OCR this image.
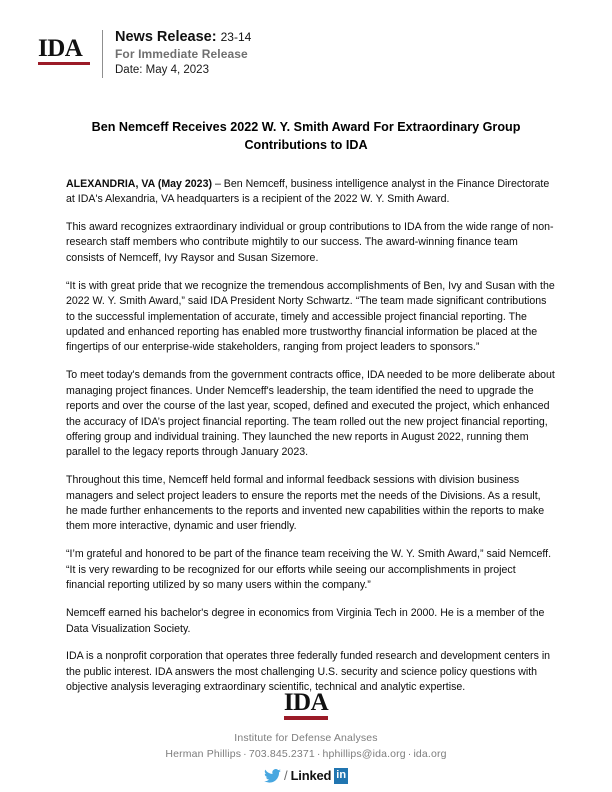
IDA	News Release: 23-14
For Immediate Release
Date: May 4, 2023
Ben Nemceff Receives 2022 W. Y. Smith Award For Extraordinary Group Contributions to IDA

ALEXANDRIA, VA (May 2023) – Ben Nemceff, business intelligence analyst in the Finance Directorate at IDA's Alexandria, VA headquarters is a recipient of the 2022 W. Y. Smith Award.

This award recognizes extraordinary individual or group contributions to IDA from the wide range of non-research staff members who contribute mightily to our success. The award-winning finance team consists of Nemceff, Ivy Raysor and Susan Sizemore.

“It is with great pride that we recognize the tremendous accomplishments of Ben, Ivy and Susan with the 2022 W. Y. Smith Award,” said IDA President Norty Schwartz. “The team made significant contributions to the successful implementation of accurate, timely and accessible project financial reporting. The updated and enhanced reporting has enabled more trustworthy financial information be placed at the fingertips of our enterprise-wide stakeholders, ranging from project leaders to sponsors.”

To meet today's demands from the government contracts office, IDA needed to be more deliberate about managing project finances. Under Nemceff's leadership, the team identified the need to upgrade the reports and over the course of the last year, scoped, defined and executed the project, which enhanced the accuracy of IDA’s project financial reporting. The team rolled out the new project financial reporting, offering group and individual training. They launched the new reports in August 2022, running them parallel to the legacy reports through January 2023.

Throughout this time, Nemceff held formal and informal feedback sessions with division business managers and select project leaders to ensure the reports met the needs of the Divisions. As a result, he made further enhancements to the reports and invented new capabilities within the reports to make them more interactive, dynamic and user friendly.

“I’m grateful and honored to be part of the finance team receiving the W. Y. Smith Award,” said Nemceff. “It is very rewarding to be recognized for our efforts while seeing our accomplishments in project financial reporting utilized by so many users within the company.”

Nemceff earned his bachelor's degree in economics from Virginia Tech in 2000. He is a member of the Data Visualization Society.

IDA is a nonprofit corporation that operates three federally funded research and development centers in the public interest. IDA answers the most challenging U.S. security and science policy questions with objective analysis leveraging extraordinary scientific, technical and analytic expertise.

IDA
Institute for Defense Analyses
Herman Phillips · 703.845.2371 · hphillips@ida.org · ida.org
/ Linked in
